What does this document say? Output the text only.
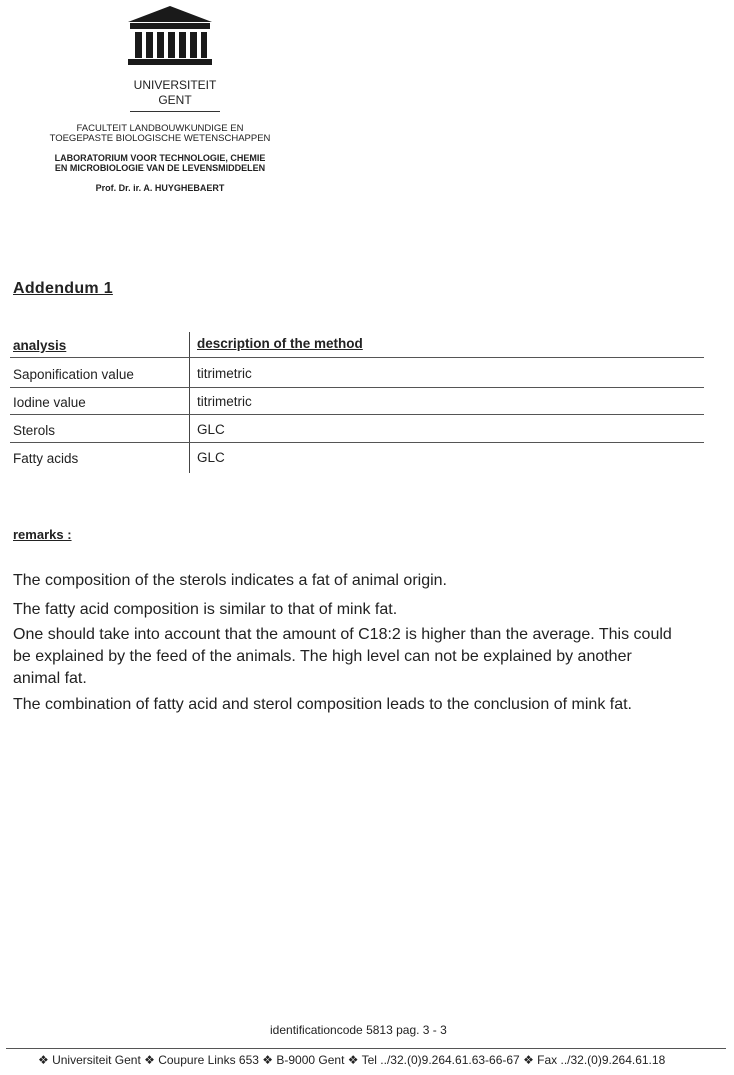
UNIVERSITEIT
GENT
FACULTEIT LANDBOUWKUNDIGE EN
TOEGEPASTE BIOLOGISCHE WETENSCHAPPEN
LABORATORIUM VOOR TECHNOLOGIE, CHEMIE
EN MICROBIOLOGIE VAN DE LEVENSMIDDELEN
Prof. Dr. ir. A. HUYGHEBAERT
Addendum 1
analysis	description of the method
Saponification value	titrimetric
Iodine value	titrimetric
Sterols	GLC
Fatty acids	GLC
remarks :
The composition of the sterols indicates a fat of animal origin.
The fatty acid composition is similar to that of mink fat.
One should take into account that the amount of C18:2 is higher than the average. This could be explained by the feed of the animals. The high level can not be explained by another animal fat.
The combination of fatty acid and sterol composition leads to the conclusion of mink fat.
identificationcode 5813 pag. 3 - 3
❖ Universiteit Gent ❖ Coupure Links 653 ❖ B-9000 Gent ❖ Tel ../32.(0)9.264.61.63-66-67 ❖ Fax ../32.(0)9.264.61.18
